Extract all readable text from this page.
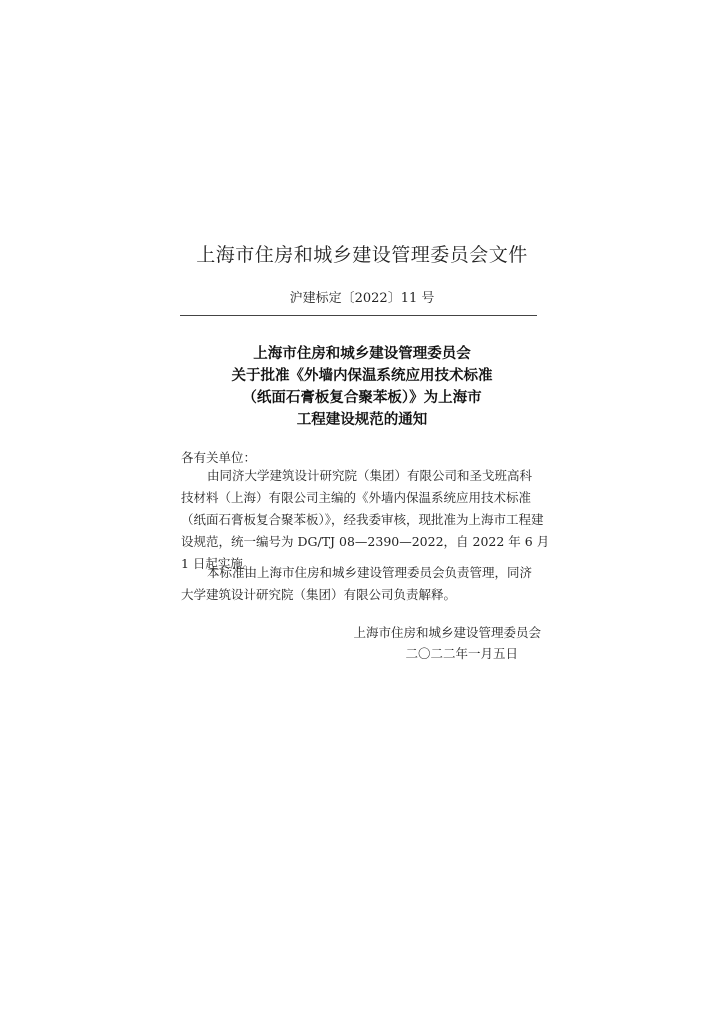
上海市住房和城乡建设管理委员会文件
沪建标定〔2022〕11 号
上海市住房和城乡建设管理委员会
关于批准《外墙内保温系统应用技术标准
（纸面石膏板复合聚苯板）》为上海市
工程建设规范的通知
各有关单位：
由同济大学建筑设计研究院（集团）有限公司和圣戈班高科
技材料（上海）有限公司主编的《外墙内保温系统应用技术标准
（纸面石膏板复合聚苯板）》，经我委审核，现批准为上海市工程建
设规范，统一编号为 DG/TJ 08—2390—2022，自 2022 年 6 月
1 日起实施。
本标准由上海市住房和城乡建设管理委员会负责管理，同济
大学建筑设计研究院（集团）有限公司负责解释。
上海市住房和城乡建设管理委员会
二〇二二年一月五日
